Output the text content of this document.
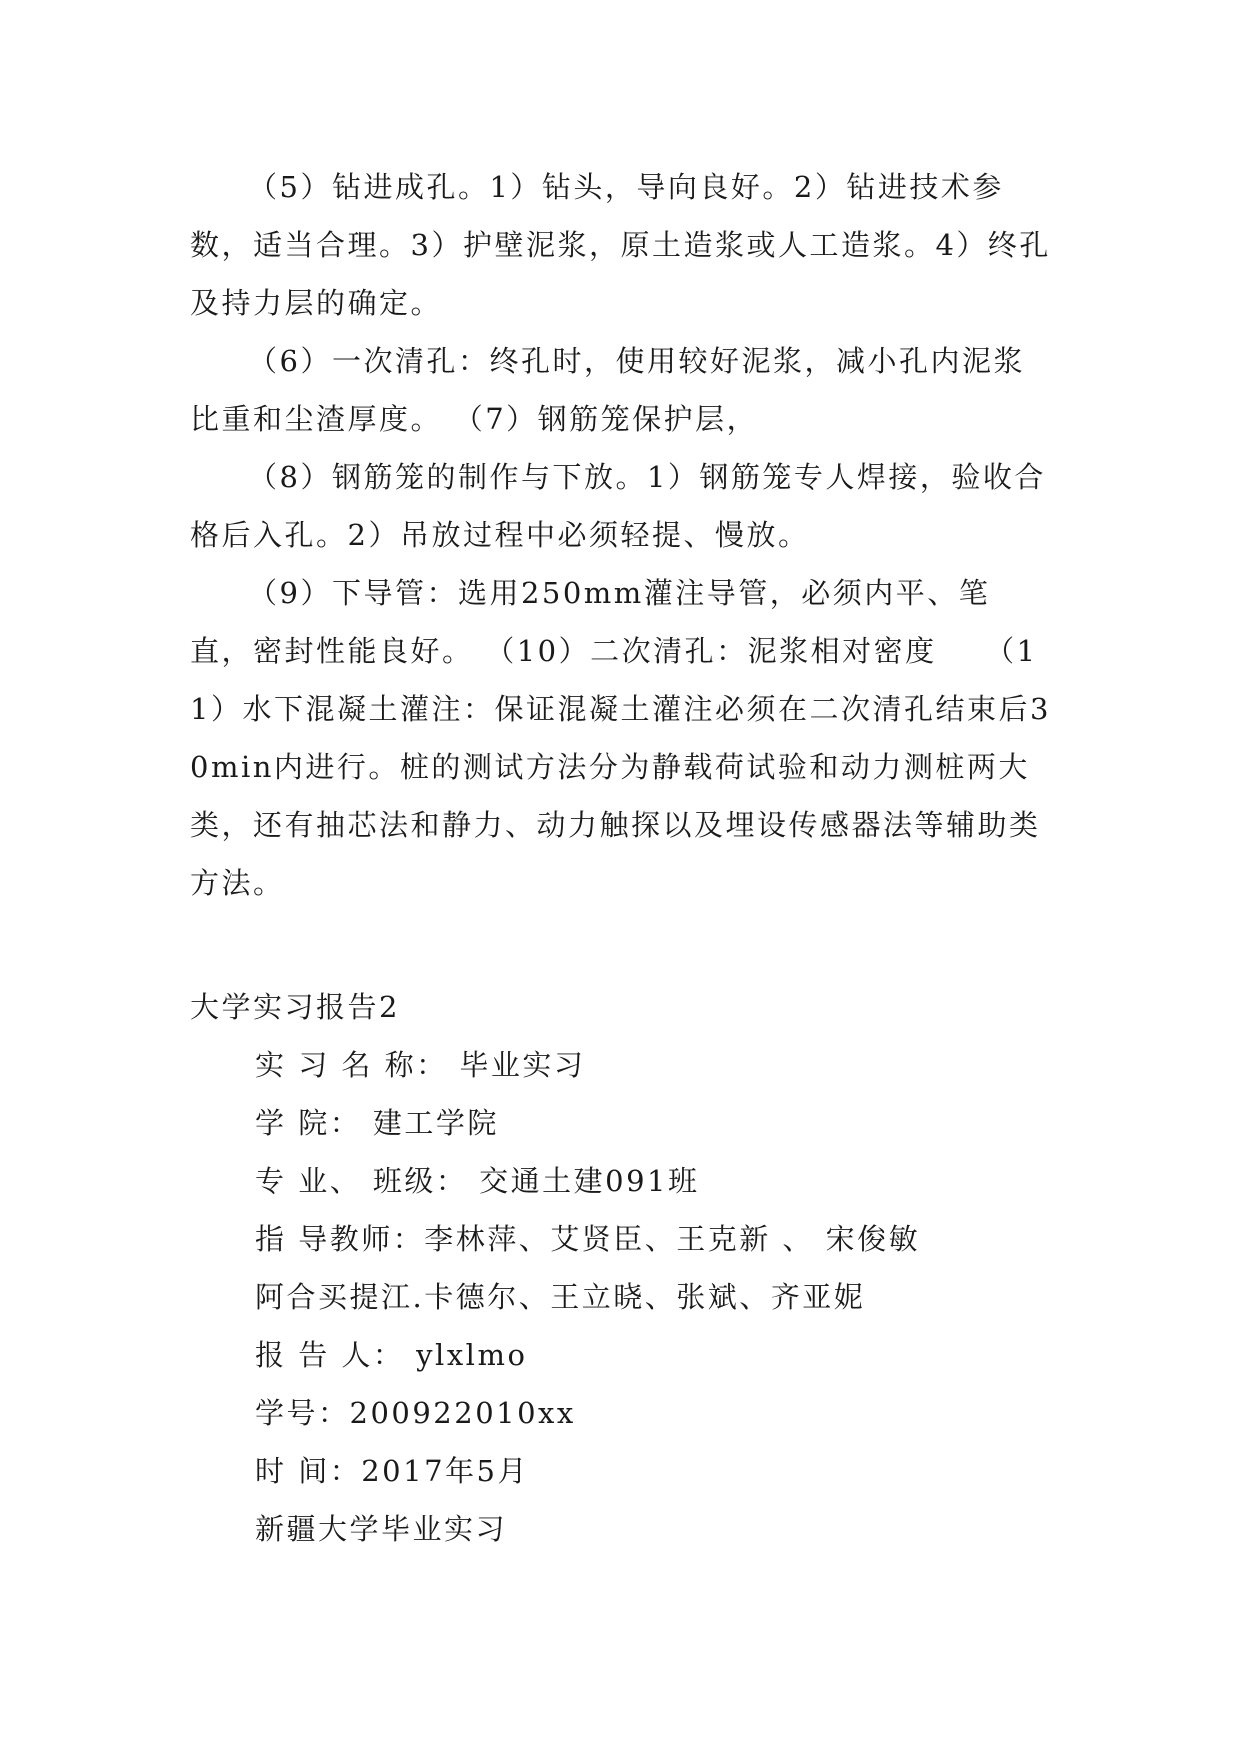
（5）钻进成孔。1）钻头，导向良好。2）钻进技术参数，适当合理。3）护壁泥浆，原土造浆或人工造浆。4）终孔及持力层的确定。

（6）一次清孔：终孔时，使用较好泥浆，减小孔内泥浆比重和尘渣厚度。 （7）钢筋笼保护层，

（8）钢筋笼的制作与下放。1）钢筋笼专人焊接，验收合格后入孔。2）吊放过程中必须轻提、慢放。

（9）下导管：选用250mm灌注导管，必须内平、笔直，密封性能良好。 （10）二次清孔：泥浆相对密度　　（11）水下混凝土灌注：保证混凝土灌注必须在二次清孔结束后30min内进行。桩的测试方法分为静载荷试验和动力测桩两大类，还有抽芯法和静力、动力触探以及埋设传感器法等辅助类方法。

大学实习报告2

实 习 名 称： 毕业实习

学 院： 建工学院

专 业、 班级： 交通土建091班

指 导教师：李林萍、艾贤臣、王克新 、 宋俊敏

阿合买提江.卡德尔、王立晓、张斌、齐亚妮

报 告 人： ylxlmo

学号：200922010xx

时 间：2017年5月

新疆大学毕业实习
